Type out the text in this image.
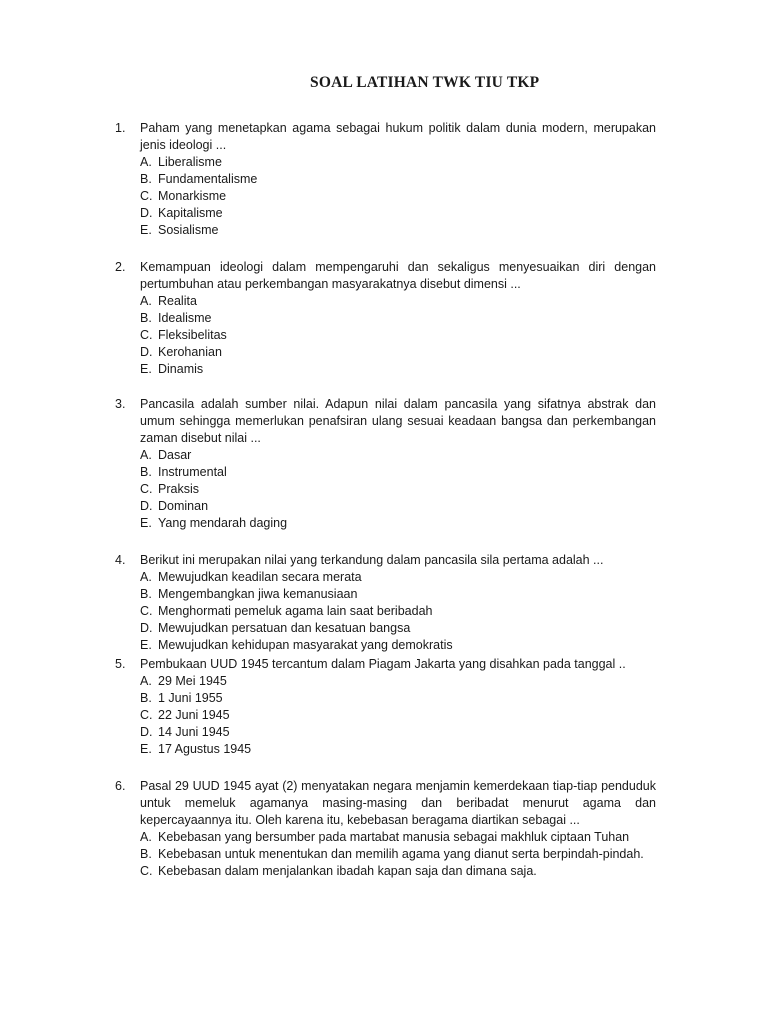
SOAL LATIHAN TWK TIU TKP
1.	Paham yang menetapkan agama sebagai hukum politik dalam dunia modern, merupakan jenis ideologi ...
A. Liberalisme
B. Fundamentalisme
C. Monarkisme
D. Kapitalisme
E. Sosialisme
2.	Kemampuan ideologi dalam mempengaruhi dan sekaligus menyesuaikan diri dengan pertumbuhan atau perkembangan masyarakatnya disebut dimensi ...
A. Realita
B. Idealisme
C. Fleksibelitas
D. Kerohanian
E. Dinamis
3.	Pancasila adalah sumber nilai. Adapun nilai dalam pancasila yang sifatnya abstrak dan umum sehingga memerlukan penafsiran ulang sesuai keadaan bangsa dan perkembangan zaman disebut nilai ...
A. Dasar
B. Instrumental
C. Praksis
D. Dominan
E. Yang mendarah daging
4.	Berikut ini merupakan nilai yang terkandung dalam pancasila sila pertama adalah ...
A. Mewujudkan keadilan secara merata
B. Mengembangkan jiwa kemanusiaan
C. Menghormati pemeluk agama lain saat beribadah
D. Mewujudkan persatuan dan kesatuan bangsa
E. Mewujudkan kehidupan masyarakat yang demokratis
5.	Pembukaan UUD 1945 tercantum dalam Piagam Jakarta yang disahkan pada tanggal ..
A. 29 Mei 1945
B. 1 Juni 1955
C. 22 Juni 1945
D. 14 Juni 1945
E. 17 Agustus 1945
6.	Pasal 29 UUD 1945 ayat (2) menyatakan negara menjamin kemerdekaan tiap-tiap penduduk untuk memeluk agamanya masing-masing dan beribadat menurut agama dan kepercayaannya itu. Oleh karena itu, kebebasan beragama diartikan sebagai ...
A. Kebebasan yang bersumber pada martabat manusia sebagai makhluk ciptaan Tuhan
B. Kebebasan untuk menentukan dan memilih agama yang dianut serta berpindah-pindah.
C. Kebebasan dalam menjalankan ibadah kapan saja dan dimana saja.
